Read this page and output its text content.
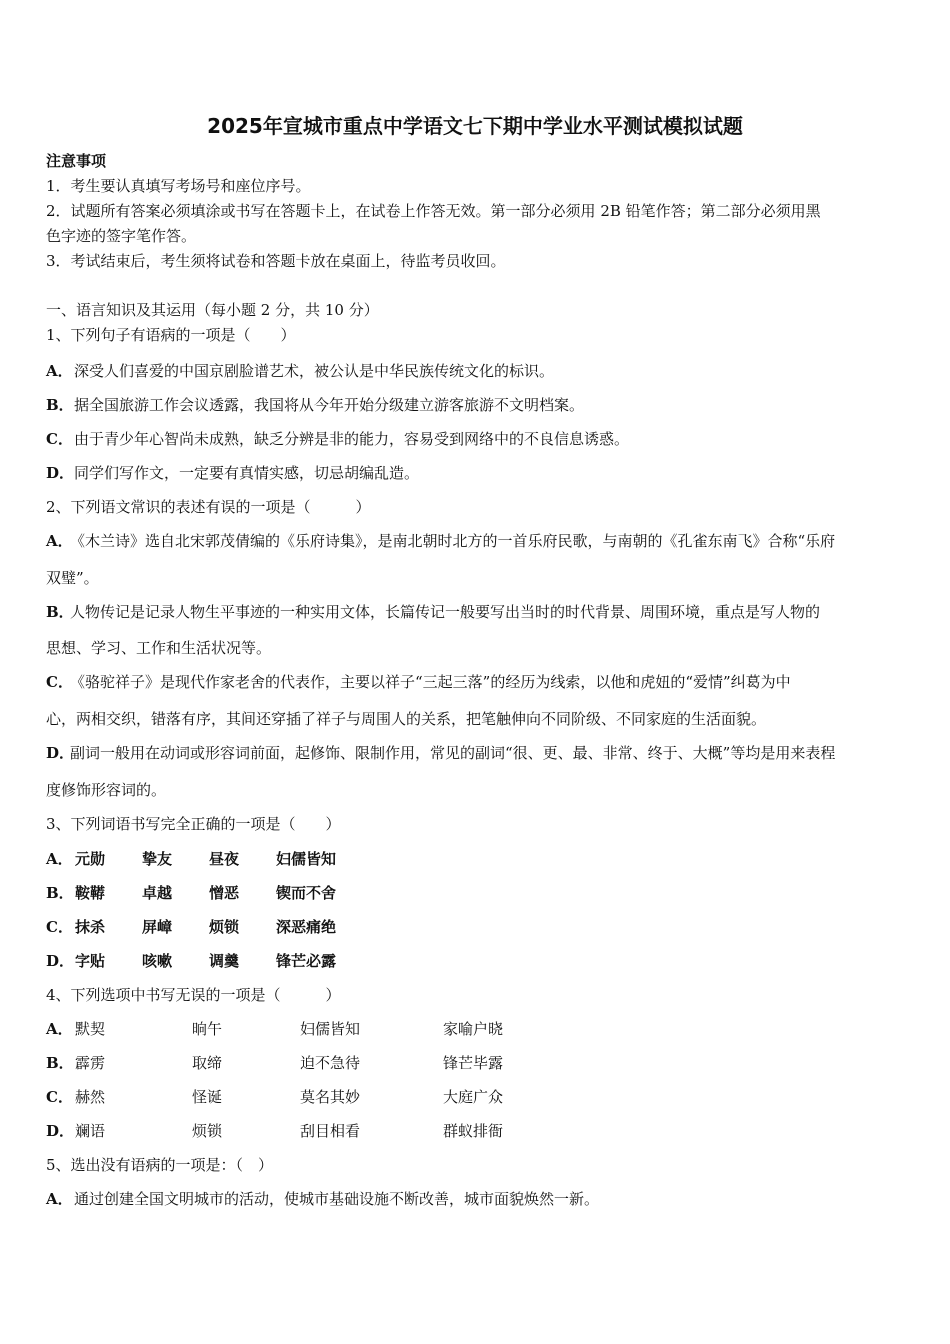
2025年宣城市重点中学语文七下期中学业水平测试模拟试题
注意事项
1．考生要认真填写考场号和座位序号。
2．试题所有答案必须填涂或书写在答题卡上，在试卷上作答无效。第一部分必须用 2B 铅笔作答；第二部分必须用黑
色字迹的签字笔作答。
3．考试结束后，考生须将试卷和答题卡放在桌面上，待监考员收回。
一、语言知识及其运用（每小题 2 分，共 10 分）
1、下列句子有语病的一项是（　　）
A．深受人们喜爱的中国京剧脸谱艺术，被公认是中华民族传统文化的标识。
B．据全国旅游工作会议透露，我国将从今年开始分级建立游客旅游不文明档案。
C．由于青少年心智尚未成熟，缺乏分辨是非的能力，容易受到网络中的不良信息诱惑。
D．同学们写作文，一定要有真情实感，切忌胡编乱造。
2、下列语文常识的表述有误的一项是（　　　）
A．《木兰诗》选自北宋郭茂倩编的《乐府诗集》，是南北朝时北方的一首乐府民歌，与南朝的《孔雀东南飞》合称“乐府
双璧”。
B．人物传记是记录人物生平事迹的一种实用文体，长篇传记一般要写出当时的时代背景、周围环境，重点是写人物的
思想、学习、工作和生活状况等。
C．《骆驼祥子》是现代作家老舍的代表作，主要以祥子“三起三落”的经历为线索，以他和虎妞的“爱情”纠葛为中
心，两相交织，错落有序，其间还穿插了祥子与周围人的关系，把笔触伸向不同阶级、不同家庭的生活面貌。
D．副词一般用在动词或形容词前面，起修饰、限制作用，常见的副词“很、更、最、非常、终于、大概”等均是用来表程
度修饰形容词的。
3、下列词语书写完全正确的一项是（　　）
A． 元勋 挚友 昼夜 妇儒皆知
B． 鞍鞯 卓越 憎恶 锲而不舍
C． 抹杀 屏嶂 烦锁 深恶痛绝
D． 字贴 咳嗽 调羹 锋芒必露
4、下列选项中书写无误的一项是（　　　）
A． 默契	晌午	妇儒皆知	家喻户晓
B． 霹雳	取缔	迫不急待	锋芒毕露
C． 赫然	怪诞	莫名其妙	大庭广众
D． 斓语	烦锁	刮目相看	群蚁排衙
5、选出没有语病的一项是：（　）
A．通过创建全国文明城市的活动，使城市基础设施不断改善，城市面貌焕然一新。
